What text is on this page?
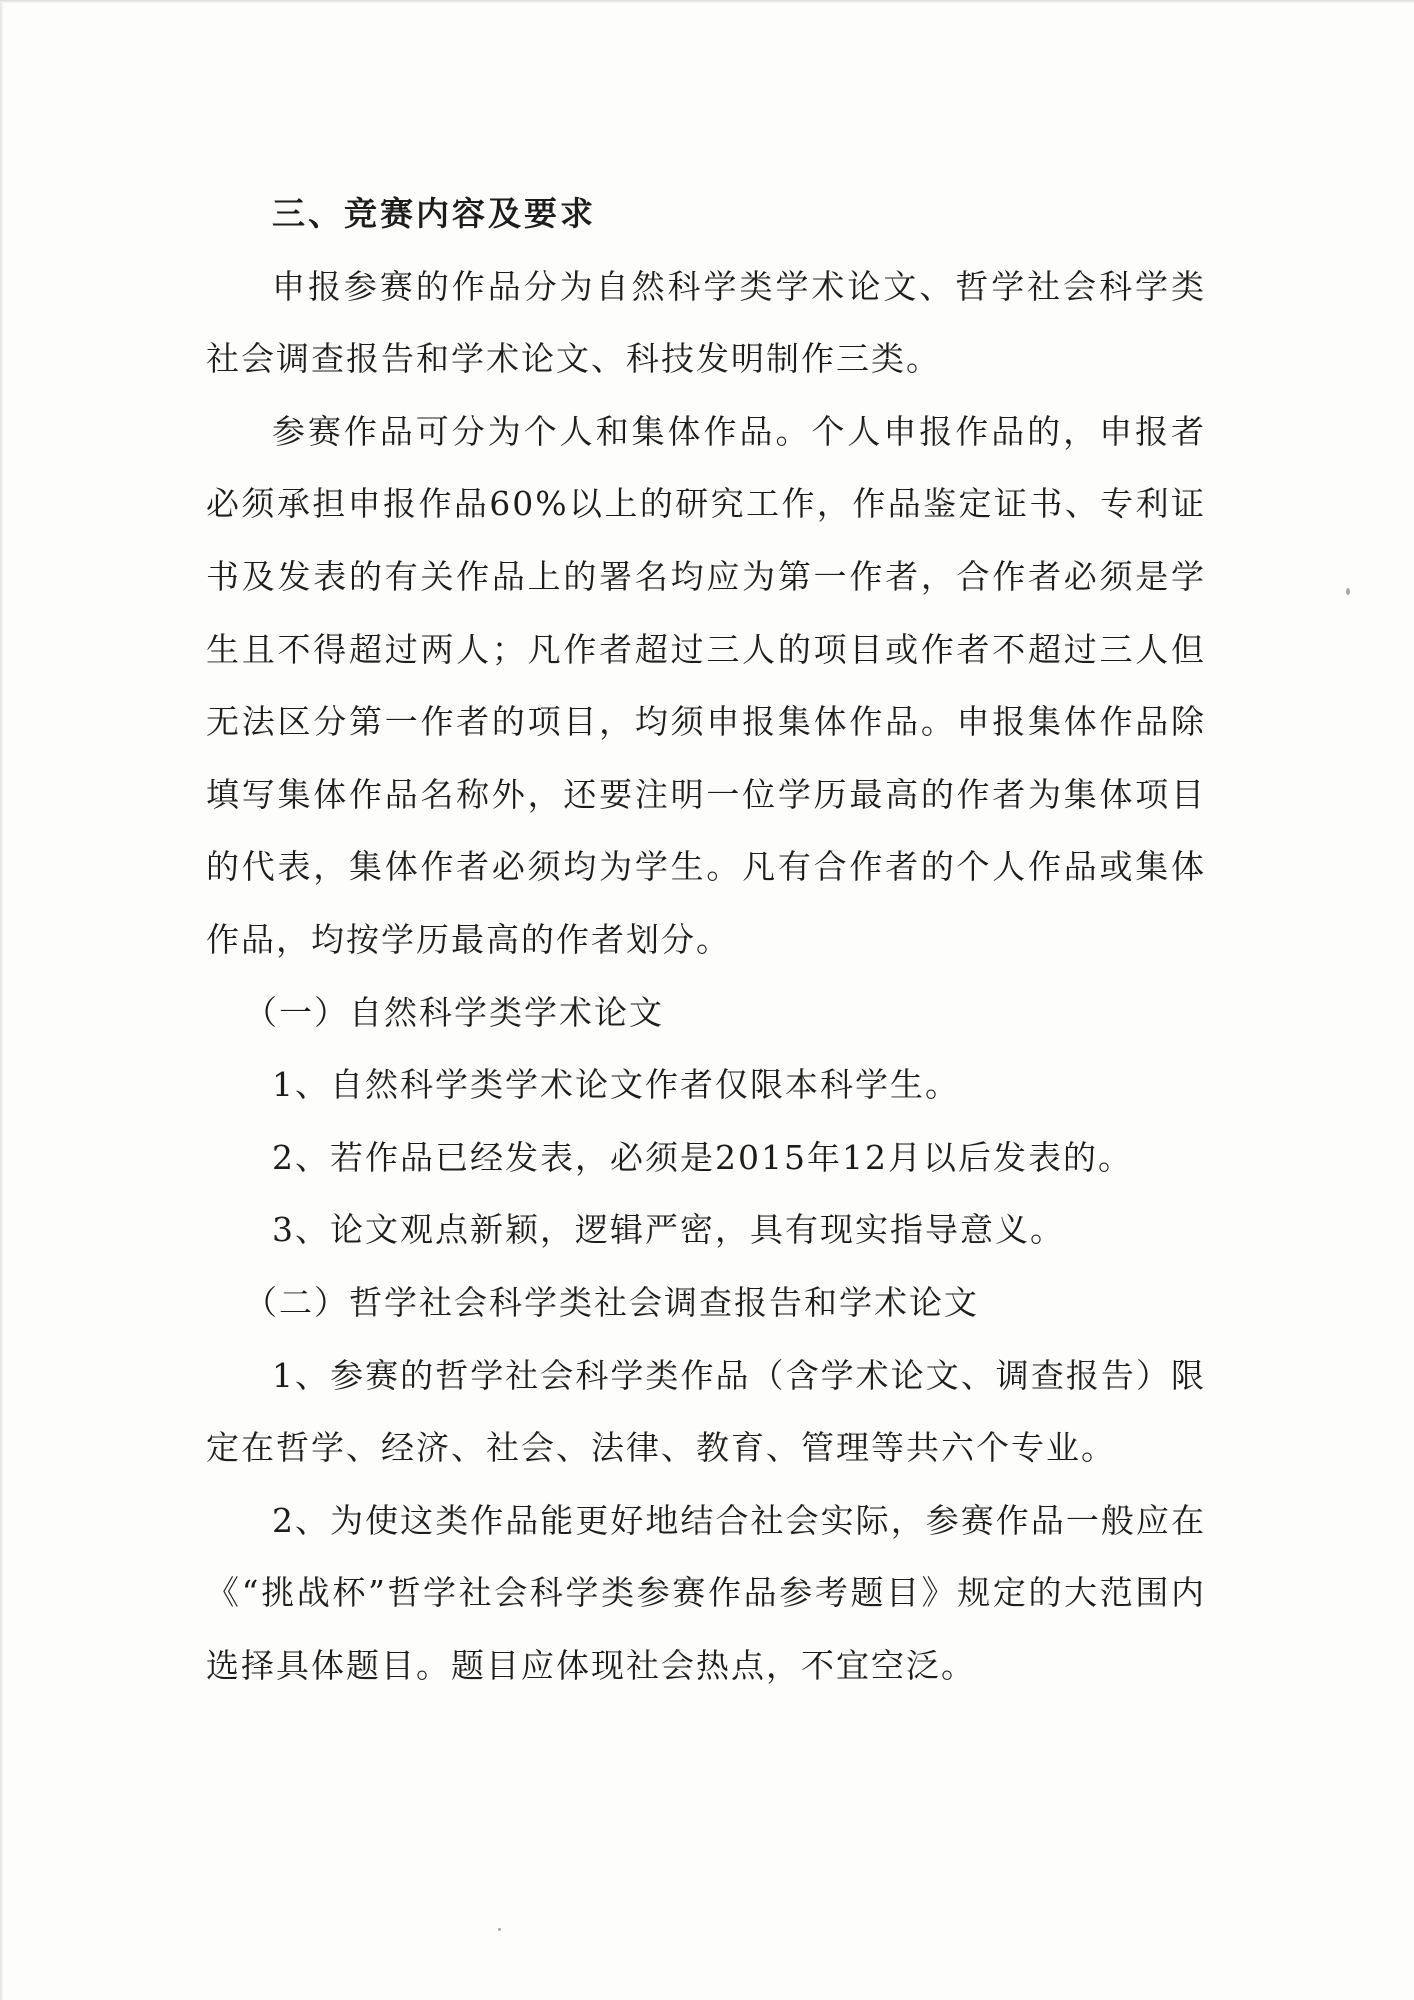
三、竞赛内容及要求

申报参赛的作品分为自然科学类学术论文、哲学社会科学类社会调查报告和学术论文、科技发明制作三类。

参赛作品可分为个人和集体作品。个人申报作品的，申报者必须承担申报作品60%以上的研究工作，作品鉴定证书、专利证书及发表的有关作品上的署名均应为第一作者，合作者必须是学生且不得超过两人；凡作者超过三人的项目或作者不超过三人但无法区分第一作者的项目，均须申报集体作品。申报集体作品除填写集体作品名称外，还要注明一位学历最高的作者为集体项目的代表，集体作者必须均为学生。凡有合作者的个人作品或集体作品，均按学历最高的作者划分。

（一）自然科学类学术论文

1、自然科学类学术论文作者仅限本科学生。

2、若作品已经发表，必须是2015年12月以后发表的。

3、论文观点新颖，逻辑严密，具有现实指导意义。

（二）哲学社会科学类社会调查报告和学术论文

1、参赛的哲学社会科学类作品（含学术论文、调查报告）限定在哲学、经济、社会、法律、教育、管理等共六个专业。

2、为使这类作品能更好地结合社会实际，参赛作品一般应在《“挑战杯”哲学社会科学类参赛作品参考题目》规定的大范围内选择具体题目。题目应体现社会热点，不宜空泛。
